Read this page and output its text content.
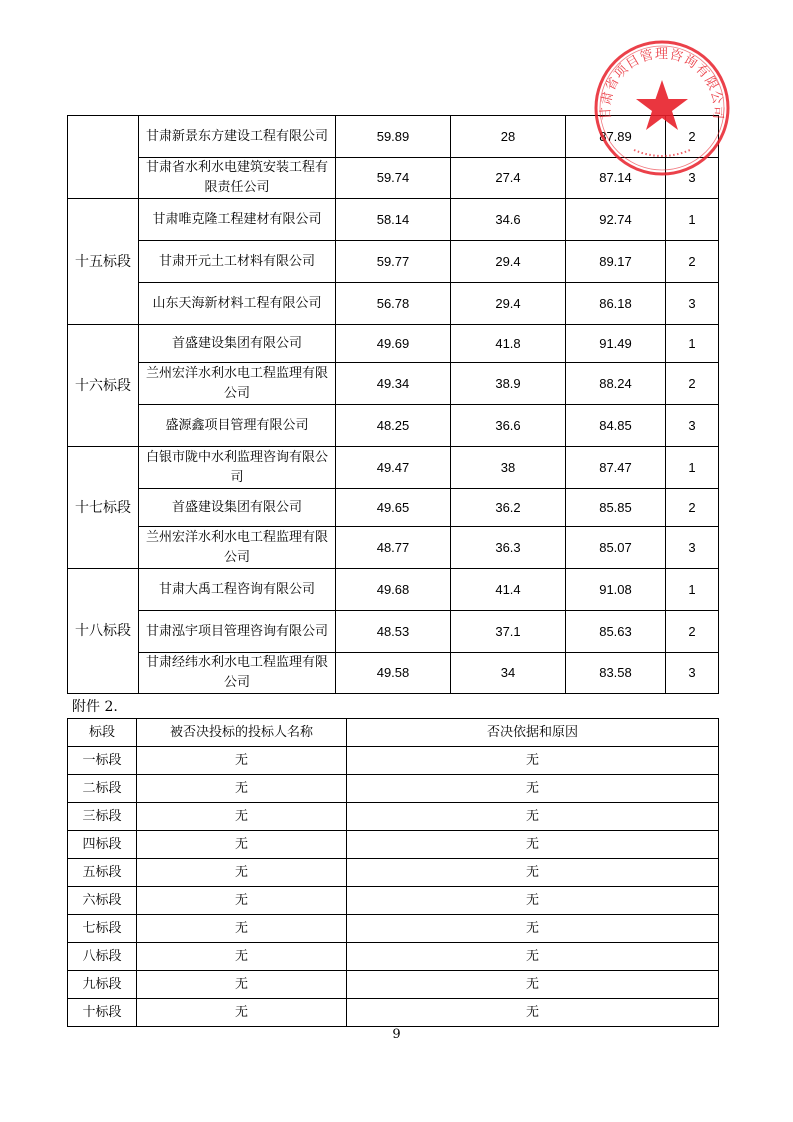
	甘肃新景东方建设工程有限公司	59.89	28	87.89	2
	甘肃省水利水电建筑安装工程有限责任公司	59.74	27.4	87.14	3
十五标段	甘肃唯克隆工程建材有限公司	58.14	34.6	92.74	1
	甘肃开元土工材料有限公司	59.77	29.4	89.17	2
	山东天海新材料工程有限公司	56.78	29.4	86.18	3
十六标段	首盛建设集团有限公司	49.69	41.8	91.49	1
	兰州宏洋水利水电工程监理有限公司	49.34	38.9	88.24	2
	盛源鑫项目管理有限公司	48.25	36.6	84.85	3
十七标段	白银市陇中水利监理咨询有限公司	49.47	38	87.47	1
	首盛建设集团有限公司	49.65	36.2	85.85	2
	兰州宏洋水利水电工程监理有限公司	48.77	36.3	85.07	3
十八标段	甘肃大禹工程咨询有限公司	49.68	41.4	91.08	1
	甘肃泓宇项目管理咨询有限公司	48.53	37.1	85.63	2
	甘肃经纬水利水电工程监理有限公司	49.58	34	83.58	3
附件 2.
标段	被否决投标的投标人名称	否决依据和原因
一标段	无	无
二标段	无	无
三标段	无	无
四标段	无	无
五标段	无	无
六标段	无	无
七标段	无	无
八标段	无	无
九标段	无	无
十标段	无	无
9
甘肃省项目管理咨询有限公司
